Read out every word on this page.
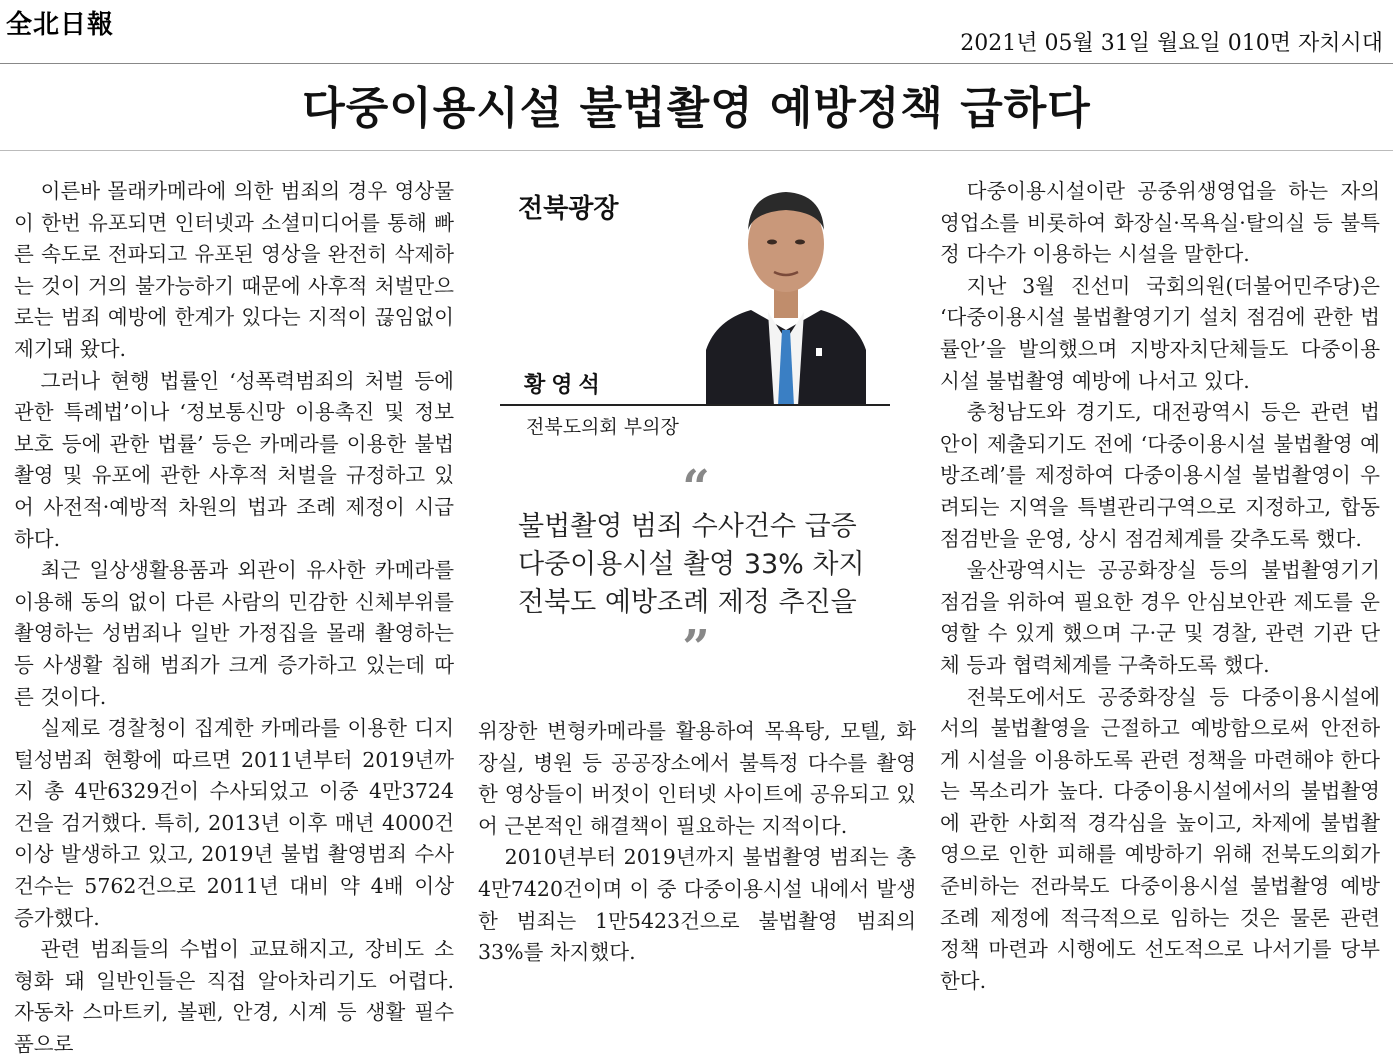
全北日報
2021년 05월 31일 월요일 010면 자치시대
다중이용시설 불법촬영 예방정책 급하다

이른바 몰래카메라에 의한 범죄의 경우 영상물이 한번 유포되면 인터넷과 소셜미디어를 통해 빠른 속도로 전파되고 유포된 영상을 완전히 삭제하는 것이 거의 불가능하기 때문에 사후적 처벌만으로는 범죄 예방에 한계가 있다는 지적이 끊임없이 제기돼 왔다.

그러나 현행 법률인 ‘성폭력범죄의 처벌 등에 관한 특례법’이나 ‘정보통신망 이용촉진 및 정보보호 등에 관한 법률’ 등은 카메라를 이용한 불법촬영 및 유포에 관한 사후적 처벌을 규정하고 있어 사전적·예방적 차원의 법과 조례 제정이 시급하다.

최근 일상생활용품과 외관이 유사한 카메라를 이용해 동의 없이 다른 사람의 민감한 신체부위를 촬영하는 성범죄나 일반 가정집을 몰래 촬영하는 등 사생활 침해 범죄가 크게 증가하고 있는데 따른 것이다.

실제로 경찰청이 집계한 카메라를 이용한 디지털성범죄 현황에 따르면 2011년부터 2019년까지 총 4만6329건이 수사되었고 이중 4만3724건을 검거했다. 특히, 2013년 이후 매년 4000건 이상 발생하고 있고, 2019년 불법 촬영범죄 수사건수는 5762건으로 2011년 대비 약 4배 이상 증가했다.

관련 범죄들의 수법이 교묘해지고, 장비도 소형화 돼 일반인들은 직접 알아차리기도 어렵다. 자동차 스마트키, 볼펜, 안경, 시계 등 생활 필수품으로

전북광장
황영석
전북도의회 부의장
“
불법촬영 범죄 수사건수 급증
다중이용시설 촬영 33% 차지
전북도 예방조례 제정 추진을
”

위장한 변형카메라를 활용하여 목욕탕, 모텔, 화장실, 병원 등 공공장소에서 불특정 다수를 촬영한 영상들이 버젓이 인터넷 사이트에 공유되고 있어 근본적인 해결책이 필요하는 지적이다.

2010년부터 2019년까지 불법촬영 범죄는 총 4만7420건이며 이 중 다중이용시설 내에서 발생한 범죄는 1만5423건으로 불법촬영 범죄의 33%를 차지했다.

다중이용시설이란 공중위생영업을 하는 자의 영업소를 비롯하여 화장실·목욕실·탈의실 등 불특정 다수가 이용하는 시설을 말한다.

지난 3월 진선미 국회의원(더불어민주당)은 ‘다중이용시설 불법촬영기기 설치 점검에 관한 법률안’을 발의했으며 지방자치단체들도 다중이용시설 불법촬영 예방에 나서고 있다.

충청남도와 경기도, 대전광역시 등은 관련 법안이 제출되기도 전에 ‘다중이용시설 불법촬영 예방조례’를 제정하여 다중이용시설 불법촬영이 우려되는 지역을 특별관리구역으로 지정하고, 합동점검반을 운영, 상시 점검체계를 갖추도록 했다.

울산광역시는 공공화장실 등의 불법촬영기기 점검을 위하여 필요한 경우 안심보안관 제도를 운영할 수 있게 했으며 구·군 및 경찰, 관련 기관 단체 등과 협력체계를 구축하도록 했다.

전북도에서도 공중화장실 등 다중이용시설에서의 불법촬영을 근절하고 예방함으로써 안전하게 시설을 이용하도록 관련 정책을 마련해야 한다는 목소리가 높다. 다중이용시설에서의 불법촬영에 관한 사회적 경각심을 높이고, 차제에 불법촬영으로 인한 피해를 예방하기 위해 전북도의회가 준비하는 전라북도 다중이용시설 불법촬영 예방 조례 제정에 적극적으로 임하는 것은 물론 관련 정책 마련과 시행에도 선도적으로 나서기를 당부한다.
